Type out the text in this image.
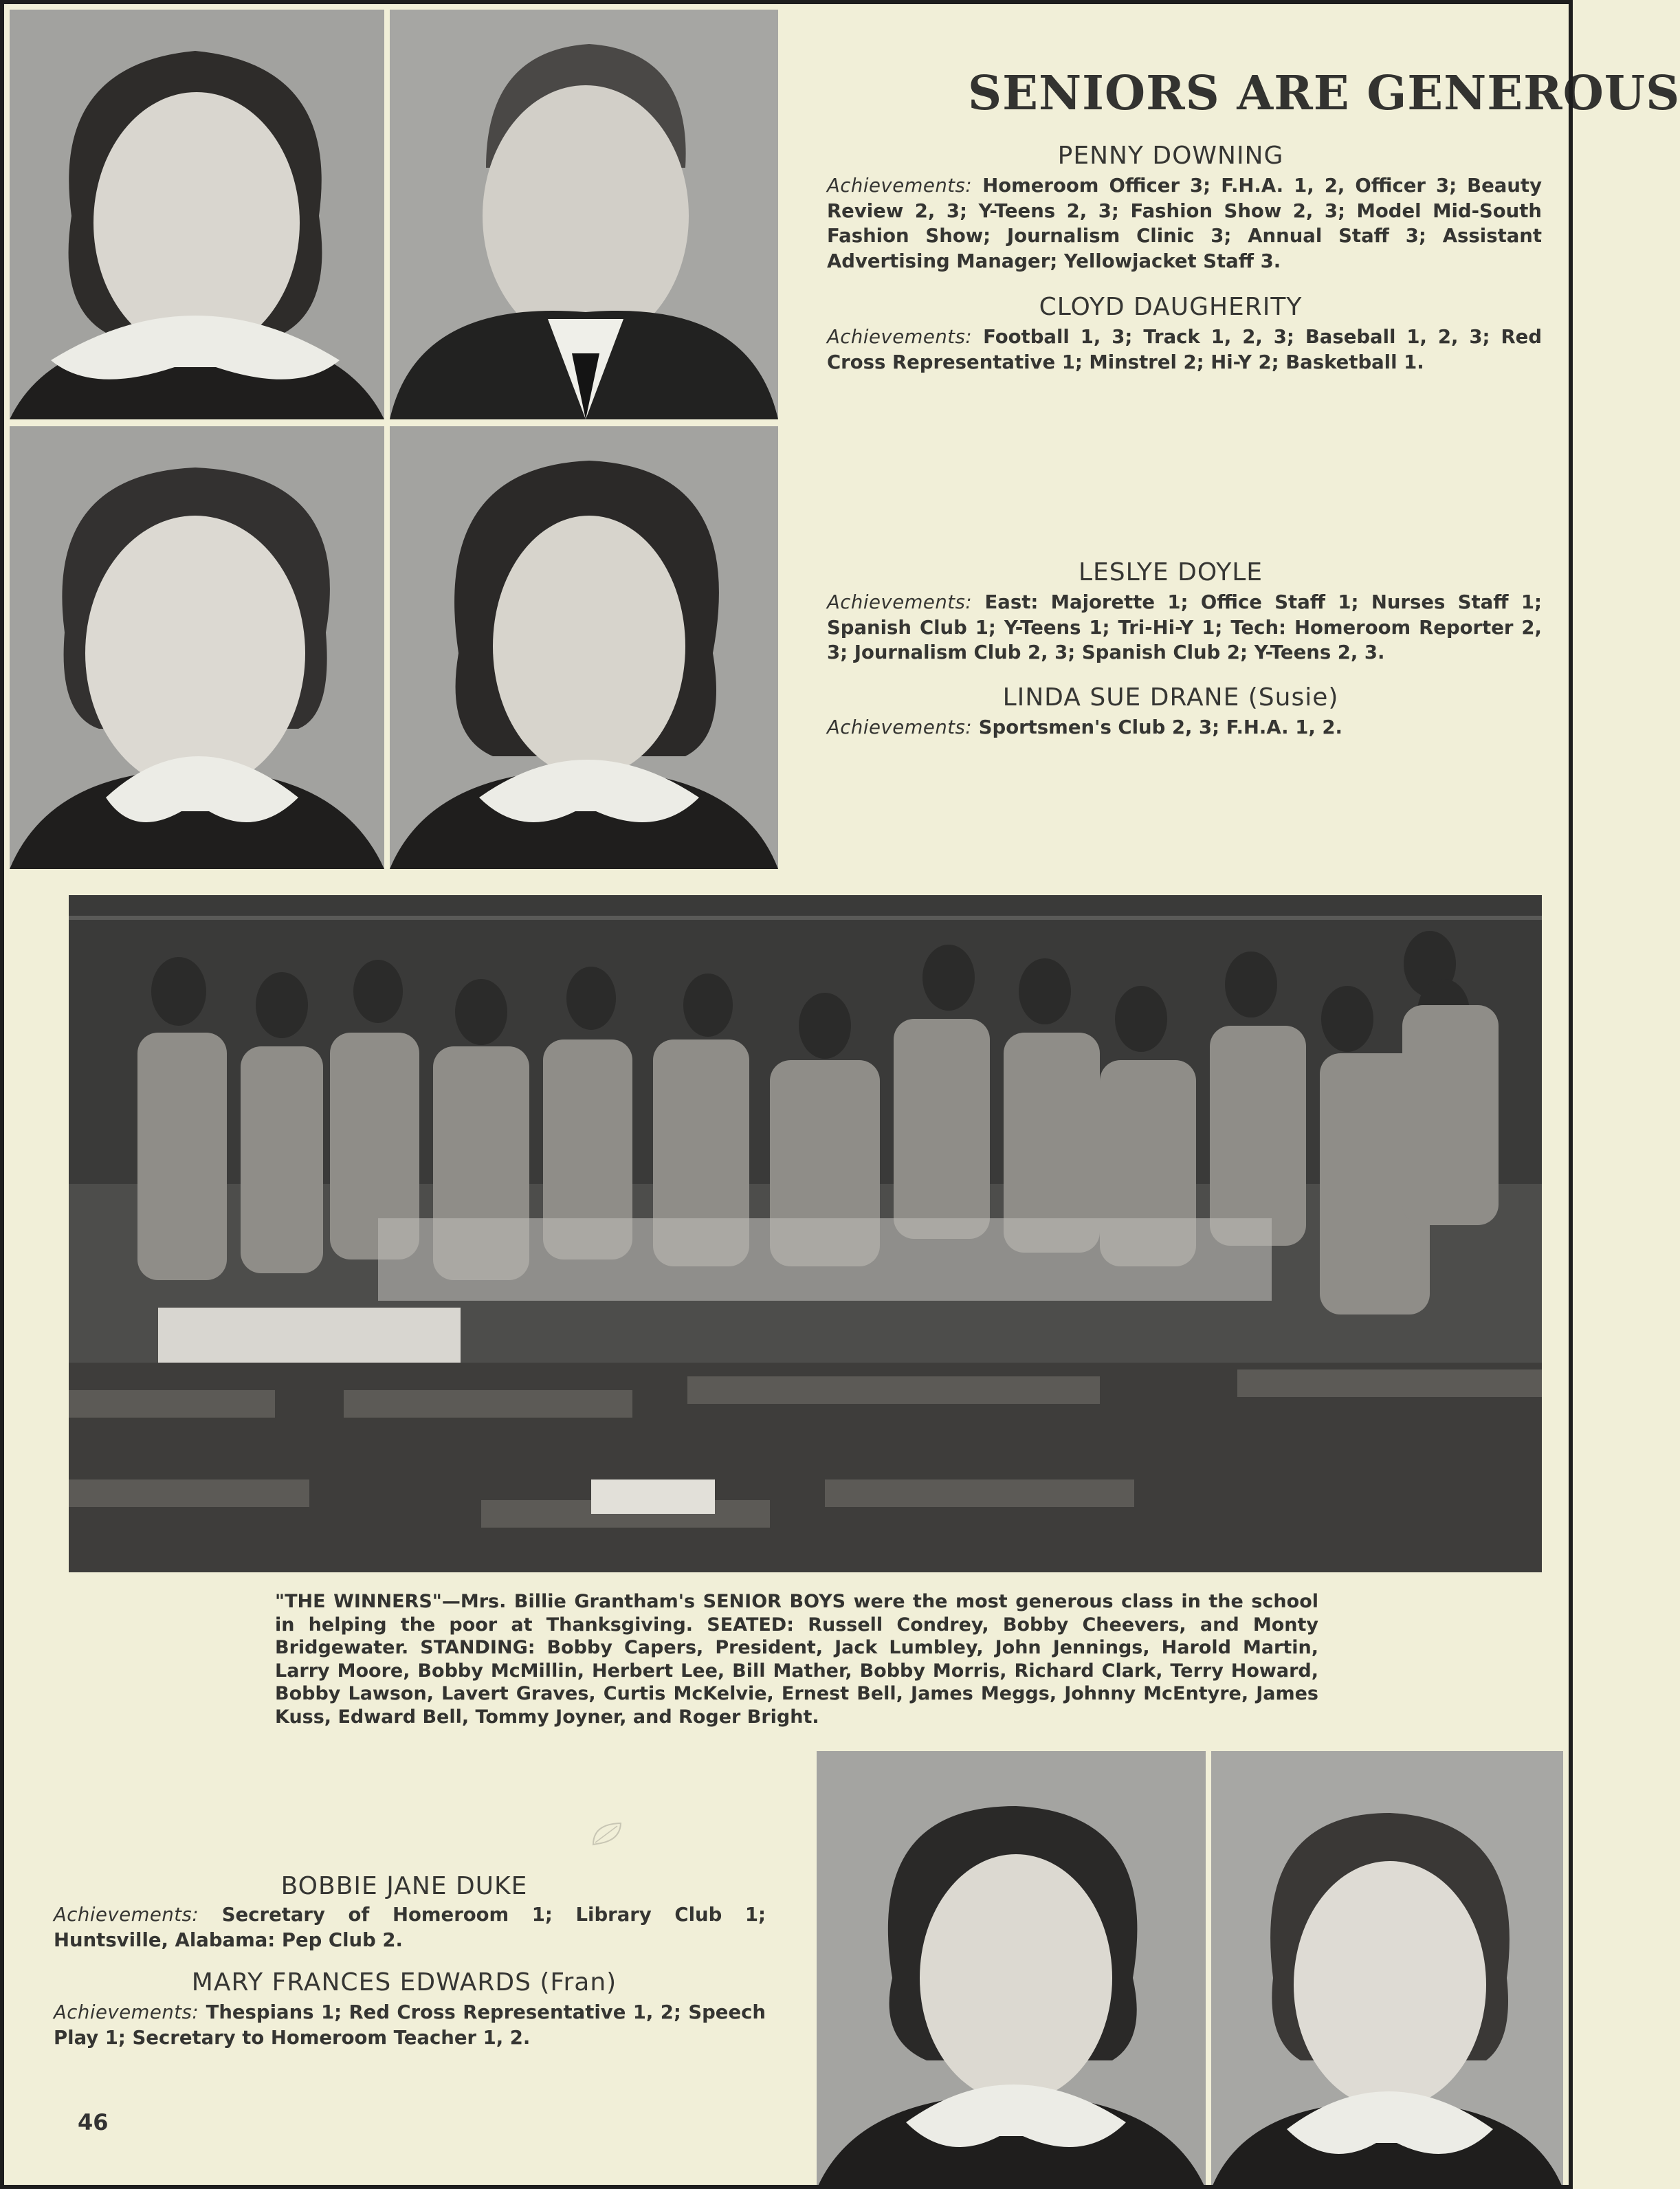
SENIORS ARE GENEROUS
PENNY DOWNING
Achievements: Homeroom Officer 3; F.H.A. 1, 2, Officer 3; Beauty Review 2, 3; Y-Teens 2, 3; Fashion Show 2, 3; Model Mid-South Fashion Show; Journalism Clinic 3; Annual Staff 3; Assistant Advertising Manager; Yellowjacket Staff 3.
CLOYD DAUGHERITY
Achievements: Football 1, 3; Track 1, 2, 3; Baseball 1, 2, 3; Red Cross Representative 1; Minstrel 2; Hi-Y 2; Basketball 1.
LESLYE DOYLE
Achievements: East: Majorette 1; Office Staff 1; Nurses Staff 1; Spanish Club 1; Y-Teens 1; Tri-Hi-Y 1; Tech: Homeroom Reporter 2, 3; Journalism Club 2, 3; Spanish Club 2; Y-Teens 2, 3.
LINDA SUE DRANE (Susie)
Achievements: Sportsmen's Club 2, 3; F.H.A. 1, 2.
"THE WINNERS"—Mrs. Billie Grantham's SENIOR BOYS were the most generous class in the school in helping the poor at Thanksgiving. SEATED: Russell Condrey, Bobby Cheevers, and Monty Bridgewater. STANDING: Bobby Capers, President, Jack Lumbley, John Jennings, Harold Martin, Larry Moore, Bobby McMillin, Herbert Lee, Bill Mather, Bobby Morris, Richard Clark, Terry Howard, Bobby Lawson, Lavert Graves, Curtis McKelvie, Ernest Bell, James Meggs, Johnny McEntyre, James Kuss, Edward Bell, Tommy Joyner, and Roger Bright.
BOBBIE JANE DUKE
Achievements: Secretary of Homeroom 1; Library Club 1; Huntsville, Alabama: Pep Club 2.
MARY FRANCES EDWARDS (Fran)
Achievements: Thespians 1; Red Cross Representative 1, 2; Speech Play 1; Secretary to Homeroom Teacher 1, 2.
46
